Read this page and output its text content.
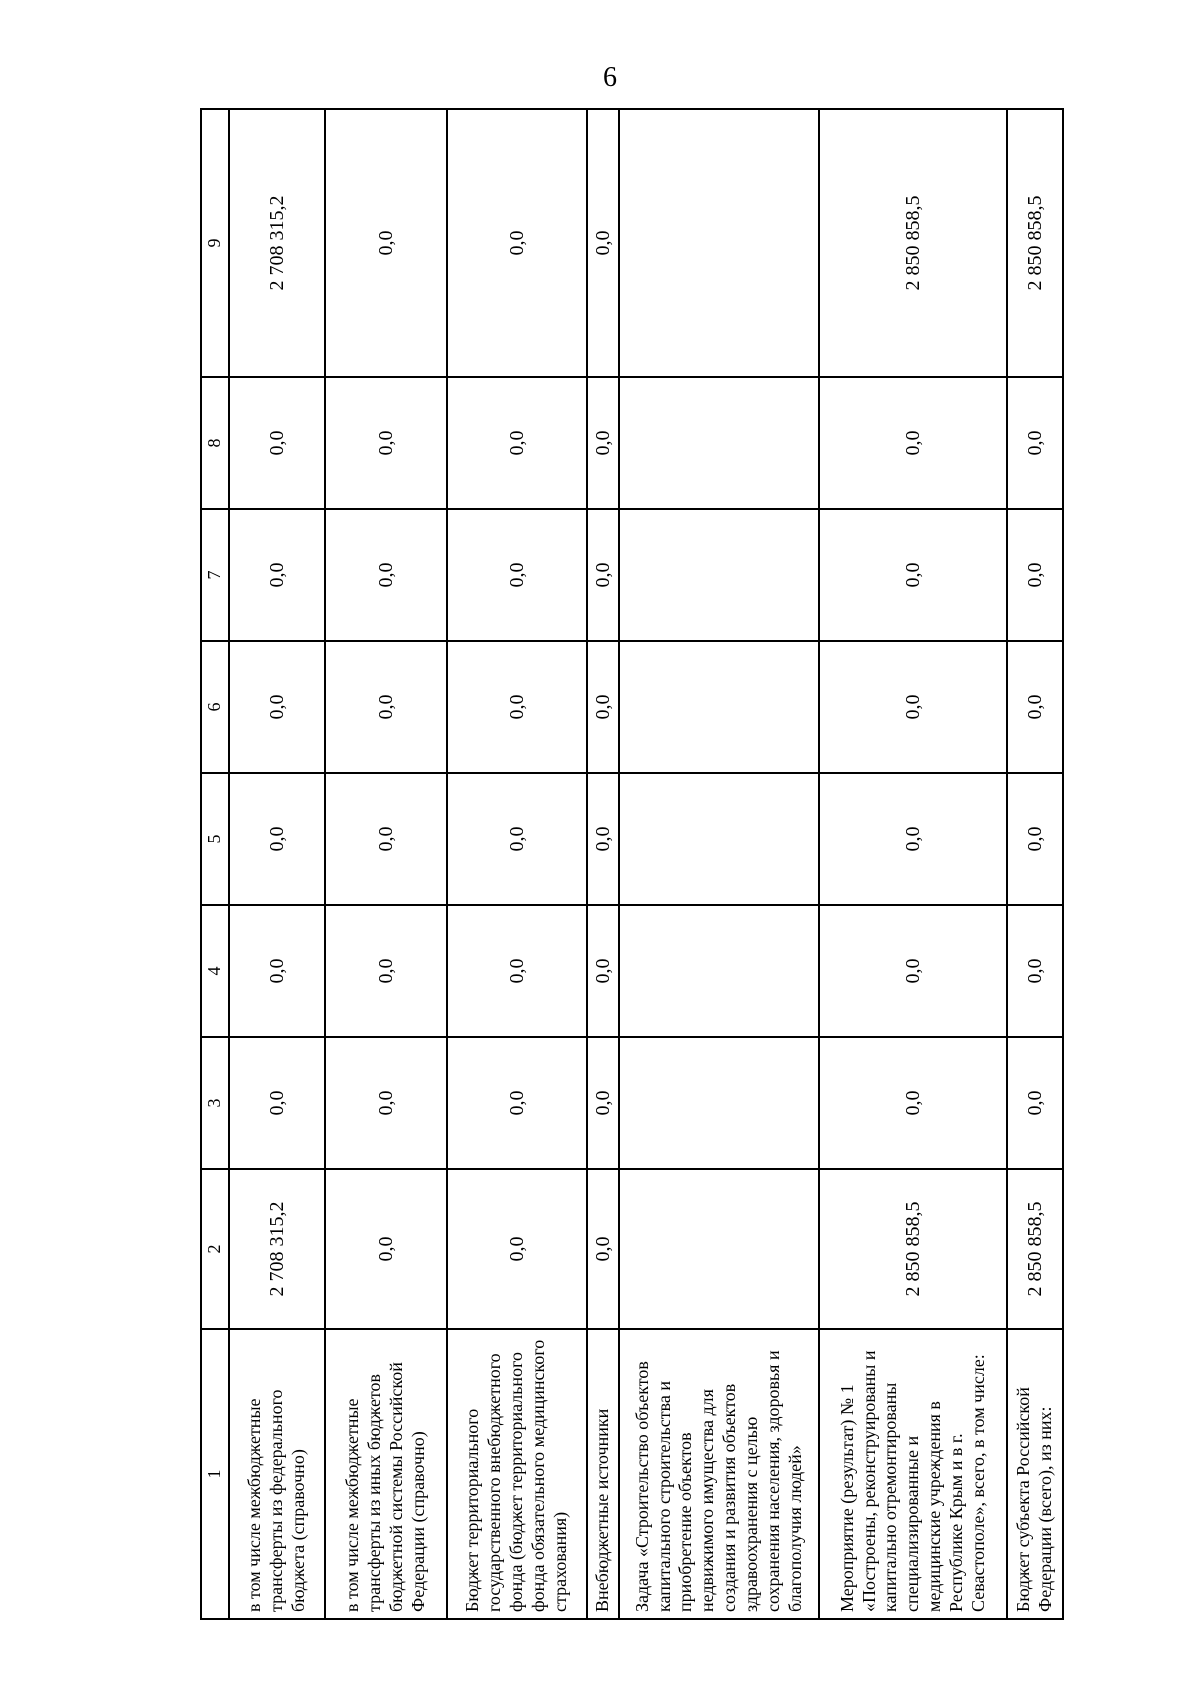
6
1	2	3	4	5	6	7	8	9
в том числе межбюджетные трансферты из федерального бюджета (справочно)	2 708 315,2	0,0	0,0	0,0	0,0	0,0	0,0	2 708 315,2
в том числе межбюджетные трансферты из иных бюджетов бюджетной системы Российской Федерации (справочно)	0,0	0,0	0,0	0,0	0,0	0,0	0,0	0,0
Бюджет территориального государственного внебюджетного фонда (бюджет территориального фонда обязательного медицинского страхования)	0,0	0,0	0,0	0,0	0,0	0,0	0,0	0,0
Внебюджетные источники	0,0	0,0	0,0	0,0	0,0	0,0	0,0	0,0
Задача «Строительство объектов капитального строительства и приобретение объектов недвижимого имущества для создания и развития объектов здравоохранения с целью сохранения населения, здоровья и благополучия людей»								
Мероприятие (результат) № 1 «Построены, реконструированы и капитально отремонтированы специализированные и медицинские учреждения в Республике Крым и в г. Севастополе», всего, в том числе:	2 850 858,5	0,0	0,0	0,0	0,0	0,0	0,0	2 850 858,5
Бюджет субъекта Российской Федерации (всего), из них:	2 850 858,5	0,0	0,0	0,0	0,0	0,0	0,0	2 850 858,5
